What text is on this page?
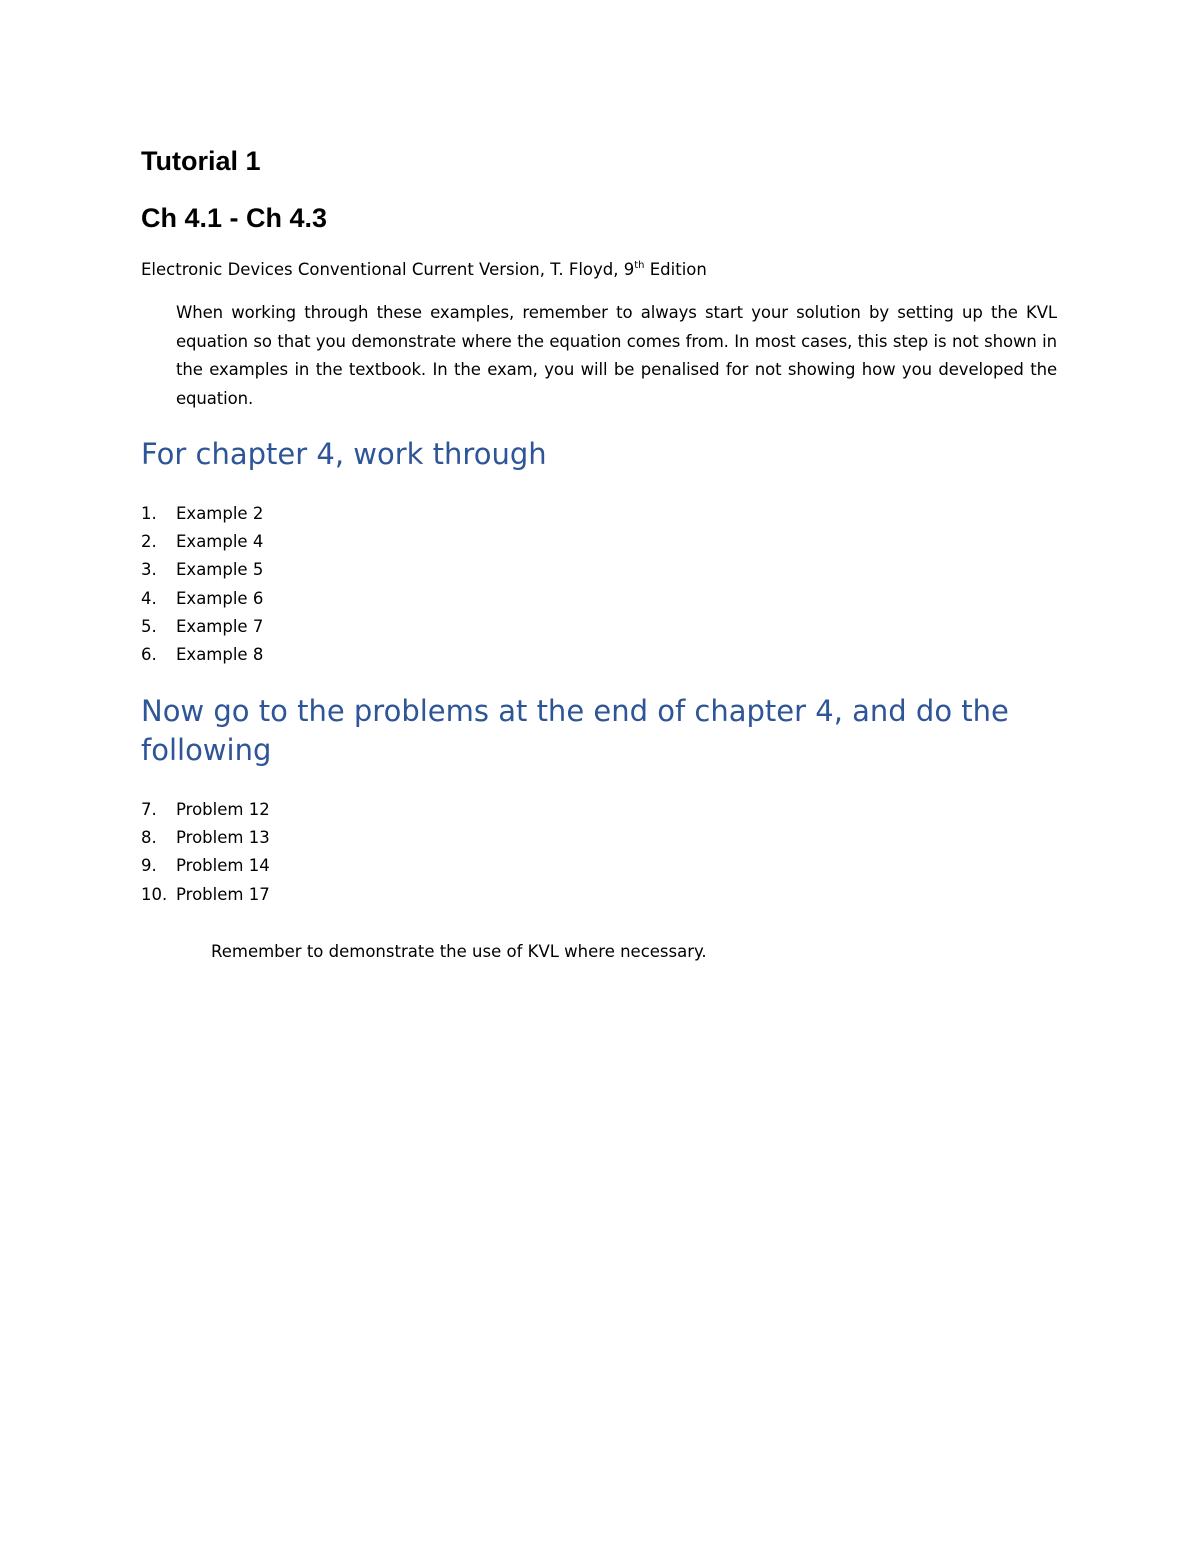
Tutorial 1
Ch 4.1 - Ch 4.3

Electronic Devices Conventional Current Version, T. Floyd, 9th Edition

When working through these examples, remember to always start your solution by setting up the KVL equation so that you demonstrate where the equation comes from. In most cases, this step is not shown in the examples in the textbook. In the exam, you will be penalised for not showing how you developed the equation.

For chapter 4, work through
1.	Example 2
2.	Example 4
3.	Example 5
4.	Example 6
5.	Example 7
6.	Example 8
Now go to the problems at the end of chapter 4, and do the following
7.	Problem 12
8.	Problem 13
9.	Problem 14
10. Problem 17

Remember to demonstrate the use of KVL where necessary.
